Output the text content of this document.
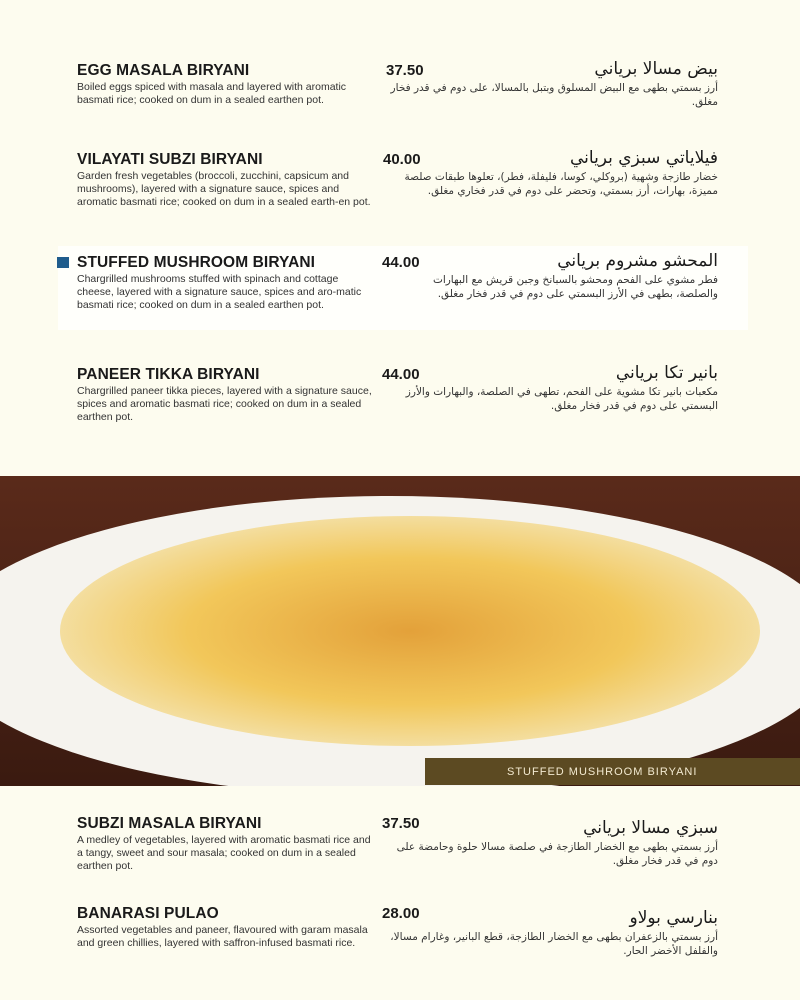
EGG MASALA BIRYANI
Boiled eggs spiced with masala and layered with aromatic basmati rice; cooked on dum in a sealed earthen pot.
37.50	بيض مسالا برياني
أرز بسمتي بطهى مع البيض المسلوق وبتبل بالمسالا، على دوم في قدر فخار مغلق.
VILAYATI SUBZI BIRYANI
Garden fresh vegetables (broccoli, zucchini, capsicum and mushrooms), layered with a signature sauce, spices and aromatic basmati rice; cooked on dum in a sealed earth-en pot.
40.00	فيلاياتي سبزي برياني
خضار طازجة وشهية (بروكلي، كوسا، فليفلة، فطر)، تعلوها طبقات صلصة مميزة، بهارات، أرز بسمتي، وتحضر على دوم في قدر فخاري مغلق.
STUFFED MUSHROOM BIRYANI
Chargrilled mushrooms stuffed with spinach and cottage cheese, layered with a signature sauce, spices and aro-matic basmati rice; cooked on dum in a sealed earthen pot.
44.00	المحشو مشروم برياني
فطر مشوي على الفحم ومحشو بالسبانخ وجبن قريش مع البهارات والصلصة، بطهى في الأرز البسمتي على دوم في قدر فخار مغلق.
PANEER TIKKA BIRYANI
Chargrilled paneer tikka pieces, layered with a signature sauce, spices and aromatic basmati rice; cooked on dum in a sealed earthen pot.
44.00	بانير تكا برياني
مكعبات بانير تكا مشوية على الفحم، تطهى في الصلصة، والبهارات والأرز البسمتي على دوم في قدر فخار مغلق.
STUFFED MUSHROOM BIRYANI
SUBZI MASALA BIRYANI
A medley of vegetables, layered with aromatic basmati rice and a tangy, sweet and sour masala; cooked on dum in a sealed earthen pot.
37.50	سبزي مسالا برياني
أرز بسمتي بطهى مع الخضار الطازجة في صلصة مسالا حلوة وحامضة على دوم في قدر فخار مغلق.
BANARASI PULAO
Assorted vegetables and paneer, flavoured with garam masala and green chillies, layered with saffron-infused basmati rice.
28.00	بنارسي بولاو
أرز بسمتي بالزعفران بطهى مع الخضار الطازجة، قطع البانير، وغارام مسالا، والفلفل الأخضر الحار.
